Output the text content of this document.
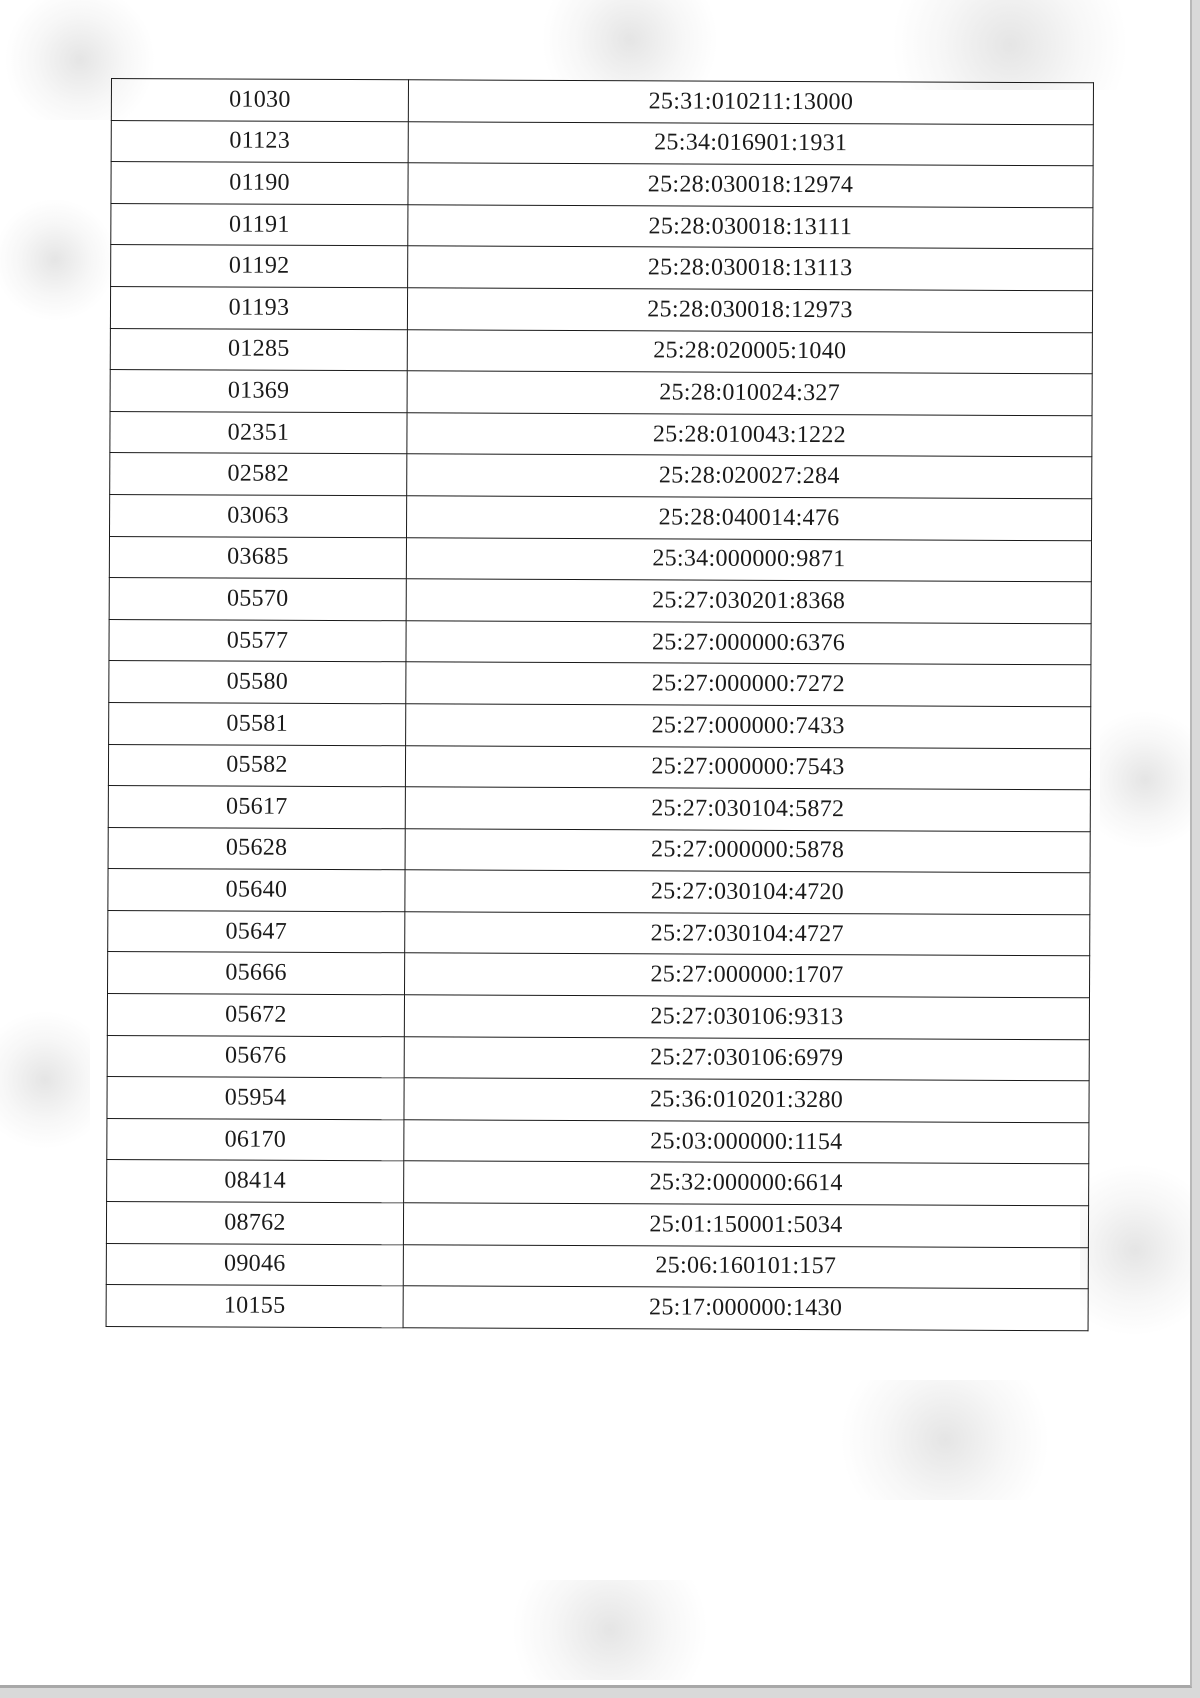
01030	25:31:010211:13000
01123	25:34:016901:1931
01190	25:28:030018:12974
01191	25:28:030018:13111
01192	25:28:030018:13113
01193	25:28:030018:12973
01285	25:28:020005:1040
01369	25:28:010024:327
02351	25:28:010043:1222
02582	25:28:020027:284
03063	25:28:040014:476
03685	25:34:000000:9871
05570	25:27:030201:8368
05577	25:27:000000:6376
05580	25:27:000000:7272
05581	25:27:000000:7433
05582	25:27:000000:7543
05617	25:27:030104:5872
05628	25:27:000000:5878
05640	25:27:030104:4720
05647	25:27:030104:4727
05666	25:27:000000:1707
05672	25:27:030106:9313
05676	25:27:030106:6979
05954	25:36:010201:3280
06170	25:03:000000:1154
08414	25:32:000000:6614
08762	25:01:150001:5034
09046	25:06:160101:157
10155	25:17:000000:1430
